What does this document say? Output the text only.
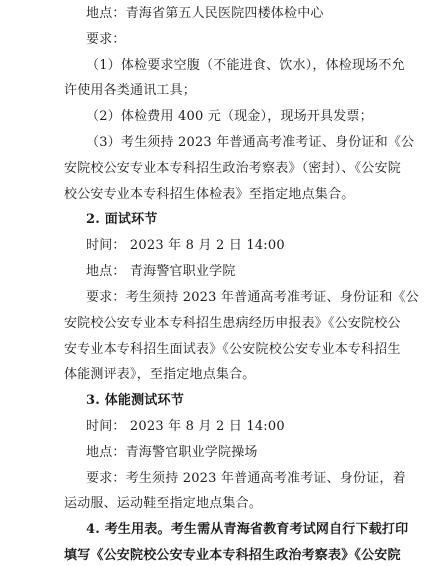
地点：青海省第五人民医院四楼体检中心
要求：
（1）体检要求空腹（不能进食、饮水），体检现场不允
许使用各类通讯工具；
（2）体检费用 400 元（现金），现场开具发票；
（3）考生须持 2023 年普通高考准考证、身份证和《公
安院校公安专业本专科招生政治考察表》（密封）、《公安院
校公安专业本专科招生体检表》至指定地点集合。
2. 面试环节
时间： 2023 年 8 月 2 日 14:00
地点： 青海警官职业学院
要求：考生须持 2023 年普通高考准考证、身份证和《公
安院校公安专业本专科招生患病经历申报表》《公安院校公
安专业本专科招生面试表》《公安院校公安专业本专科招生
体能测评表》，至指定地点集合。
3. 体能测试环节
时间： 2023 年 8 月 2 日 14:00
地点：青海警官职业学院操场
要求：考生须持 2023 年普通高考准考证、身份证，着
运动服、运动鞋至指定地点集合。
4. 考生用表。考生需从青海省教育考试网自行下载打印
填写《公安院校公安专业本专科招生政治考察表》《公安院
